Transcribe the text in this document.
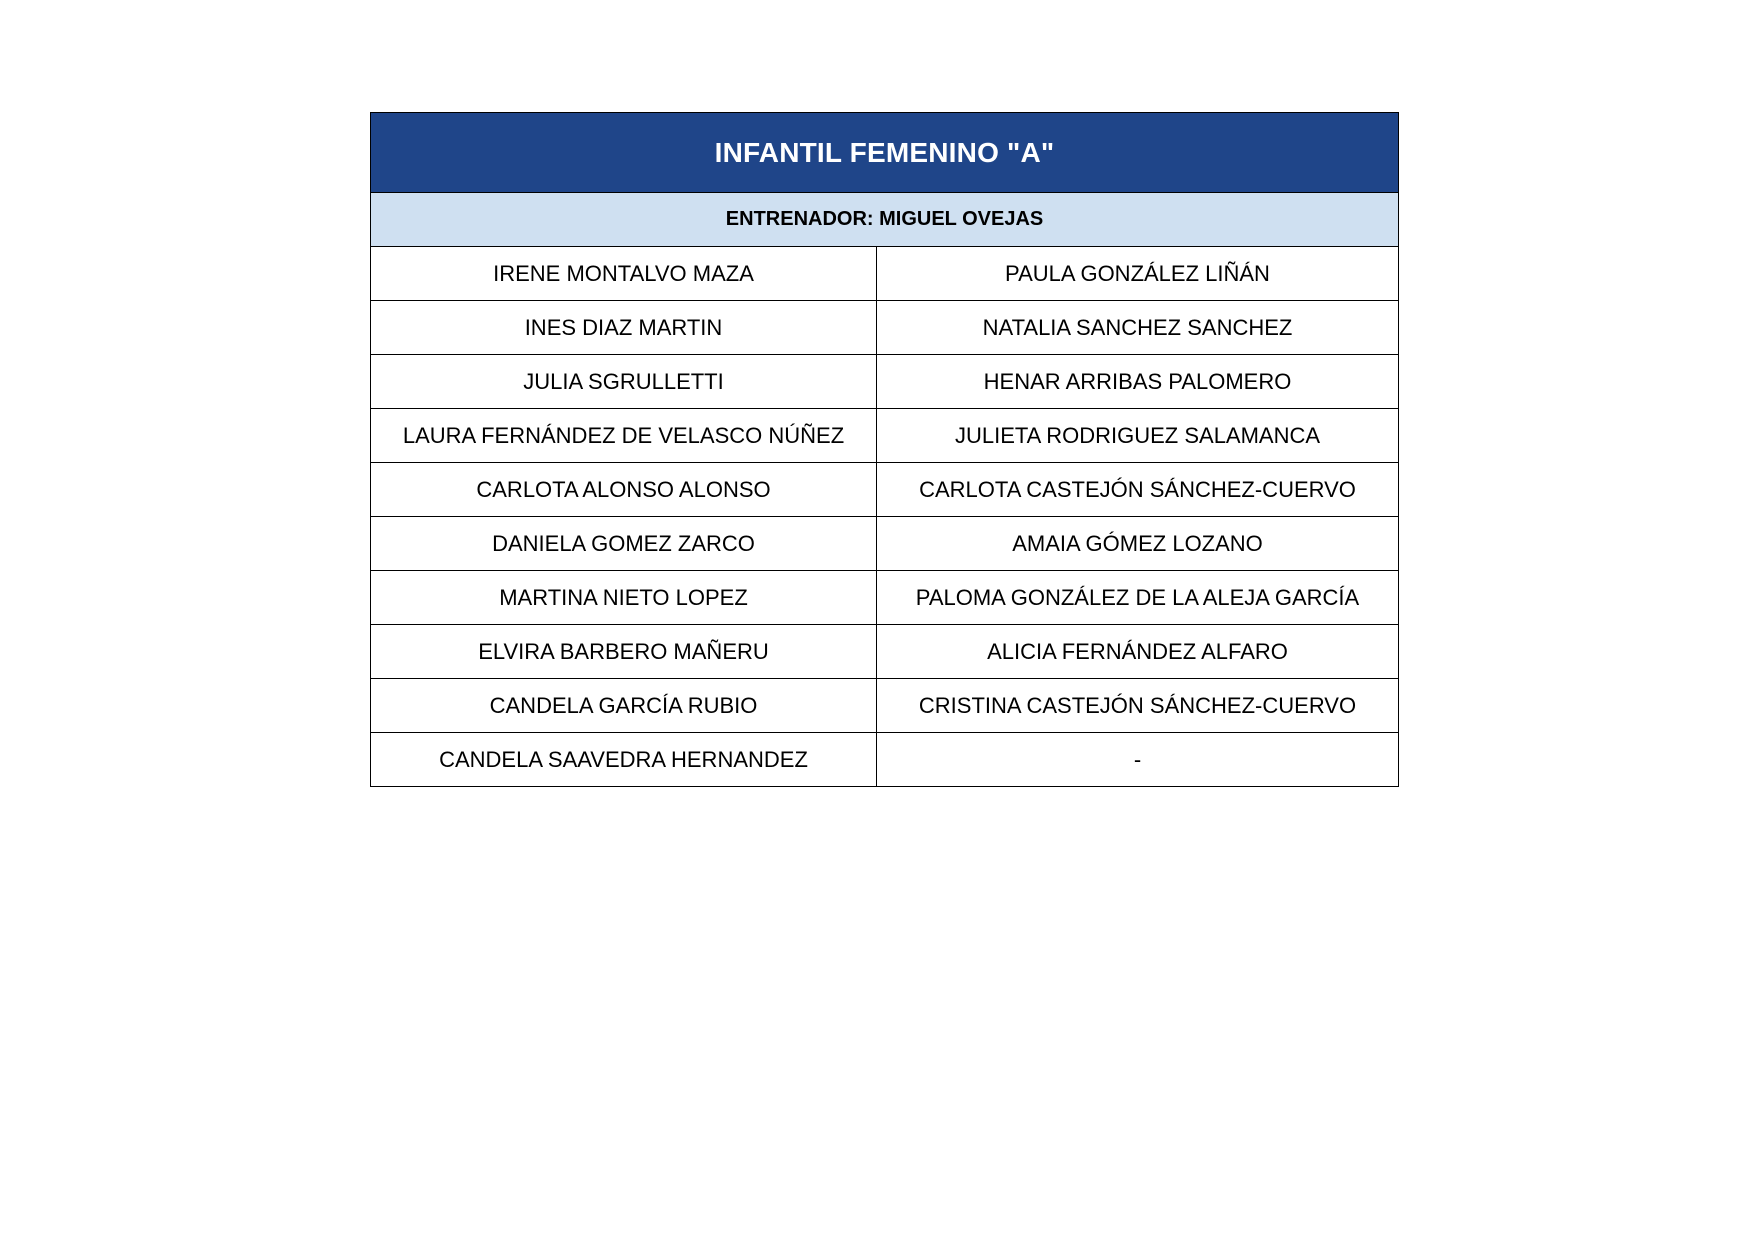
INFANTIL FEMENINO "A"	
ENTRENADOR: MIGUEL OVEJAS	
IRENE MONTALVO MAZA	PAULA GONZÁLEZ LIÑÁN
INES DIAZ MARTIN	NATALIA SANCHEZ SANCHEZ
JULIA SGRULLETTI	HENAR ARRIBAS PALOMERO
LAURA FERNÁNDEZ DE VELASCO NÚÑEZ	JULIETA RODRIGUEZ SALAMANCA
CARLOTA ALONSO ALONSO	CARLOTA CASTEJÓN SÁNCHEZ-CUERVO
DANIELA GOMEZ ZARCO	AMAIA GÓMEZ LOZANO
MARTINA NIETO LOPEZ	PALOMA GONZÁLEZ DE LA ALEJA GARCÍA
ELVIRA BARBERO MAÑERU	ALICIA FERNÁNDEZ ALFARO
CANDELA GARCÍA RUBIO	CRISTINA CASTEJÓN SÁNCHEZ-CUERVO
CANDELA SAAVEDRA HERNANDEZ	-
